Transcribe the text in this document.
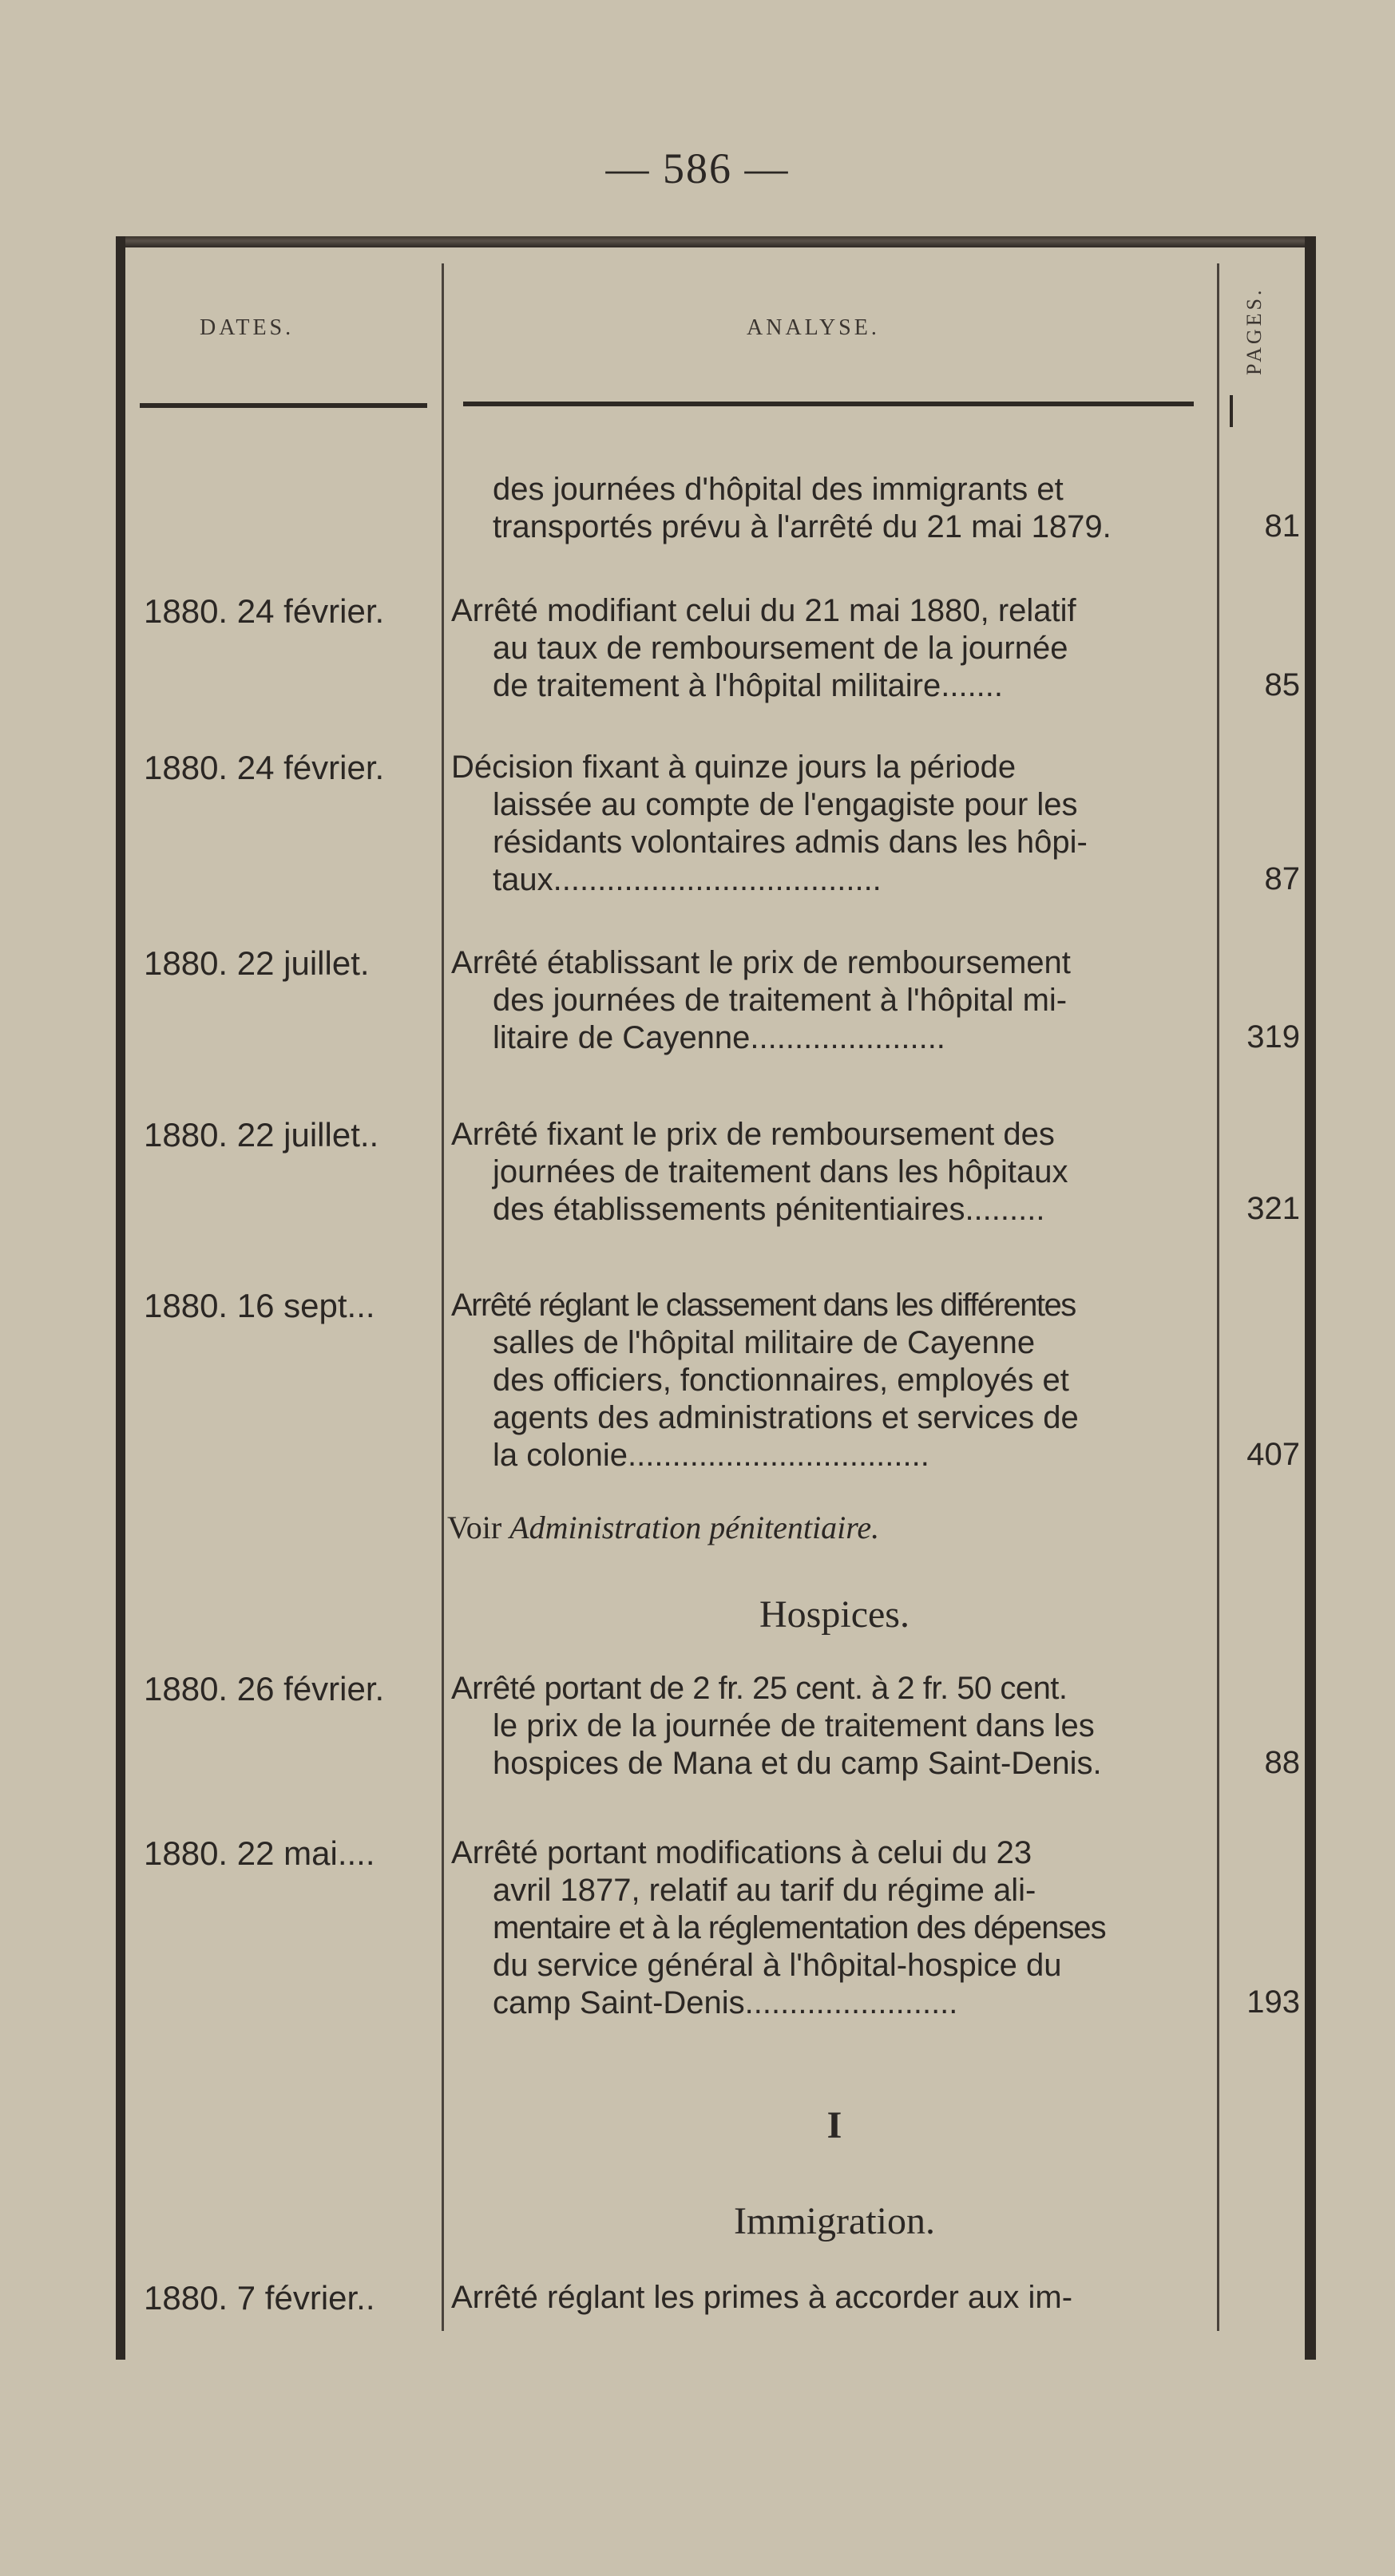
— 586 —
DATES.	ANALYSE.	PAGES.
des journées d'hôpital des immigrants et
transportés prévu à l'arrêté du 21 mai 1879.	81
1880. 24 février.	Arrêté modifiant celui du 21 mai 1880, relatif
au taux de remboursement de la journée
de traitement à l'hôpital militaire.......	85
1880. 24 février.	Décision fixant à quinze jours la période
laissée au compte de l'engagiste pour les
résidants volontaires admis dans les hôpi-
taux.....................................	87
1880. 22 juillet.	Arrêté établissant le prix de remboursement
des journées de traitement à l'hôpital mi-
litaire de Cayenne......................	319
1880. 22 juillet..	Arrêté fixant le prix de remboursement des
journées de traitement dans les hôpitaux
des établissements pénitentiaires.........	321
1880. 16 sept...	Arrêté réglant le classement dans les différentes
salles de l'hôpital militaire de Cayenne
des officiers, fonctionnaires, employés et
agents des administrations et services de
la colonie..................................	407
Voir Administration pénitentiaire.
Hospices.
1880. 26 février.	Arrêté portant de 2 fr. 25 cent. à 2 fr. 50 cent.
le prix de la journée de traitement dans les
hospices de Mana et du camp Saint-Denis.	88
1880. 22 mai....	Arrêté portant modifications à celui du 23
avril 1877, relatif au tarif du régime ali-
mentaire et à la réglementation des dépenses
du service général à l'hôpital-hospice du
camp Saint-Denis........................	193
I
Immigration.
1880. 7 février..	Arrêté réglant les primes à accorder aux im-
